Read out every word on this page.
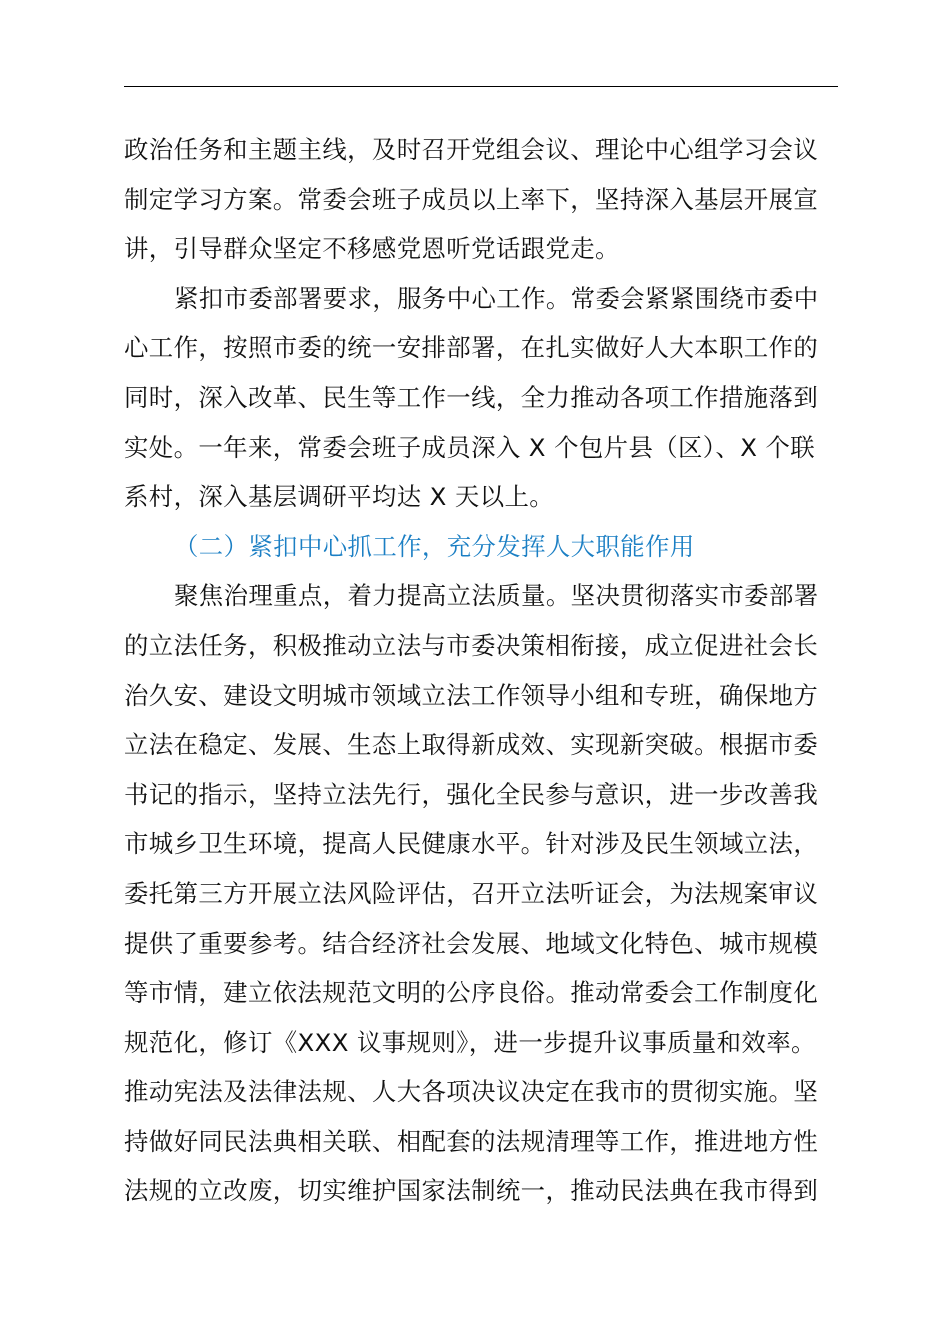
政治任务和主题主线，及时召开党组会议、理论中心组学习会议
制定学习方案。常委会班子成员以上率下，坚持深入基层开展宣
讲，引导群众坚定不移感党恩听党话跟党走。
紧扣市委部署要求，服务中心工作。常委会紧紧围绕市委中
心工作，按照市委的统一安排部署，在扎实做好人大本职工作的
同时，深入改革、民生等工作一线，全力推动各项工作措施落到
实处。一年来，常委会班子成员深入 X 个包片县（区）、X 个联
系村，深入基层调研平均达 X 天以上。
（二）紧扣中心抓工作，充分发挥人大职能作用
聚焦治理重点，着力提高立法质量。坚决贯彻落实市委部署
的立法任务，积极推动立法与市委决策相衔接，成立促进社会长
治久安、建设文明城市领域立法工作领导小组和专班，确保地方
立法在稳定、发展、生态上取得新成效、实现新突破。根据市委
书记的指示，坚持立法先行，强化全民参与意识，进一步改善我
市城乡卫生环境，提高人民健康水平。针对涉及民生领域立法，
委托第三方开展立法风险评估，召开立法听证会，为法规案审议
提供了重要参考。结合经济社会发展、地域文化特色、城市规模
等市情，建立依法规范文明的公序良俗。推动常委会工作制度化
规范化，修订《XXX 议事规则》，进一步提升议事质量和效率。
推动宪法及法律法规、人大各项决议决定在我市的贯彻实施。坚
持做好同民法典相关联、相配套的法规清理等工作，推进地方性
法规的立改废，切实维护国家法制统一，推动民法典在我市得到
